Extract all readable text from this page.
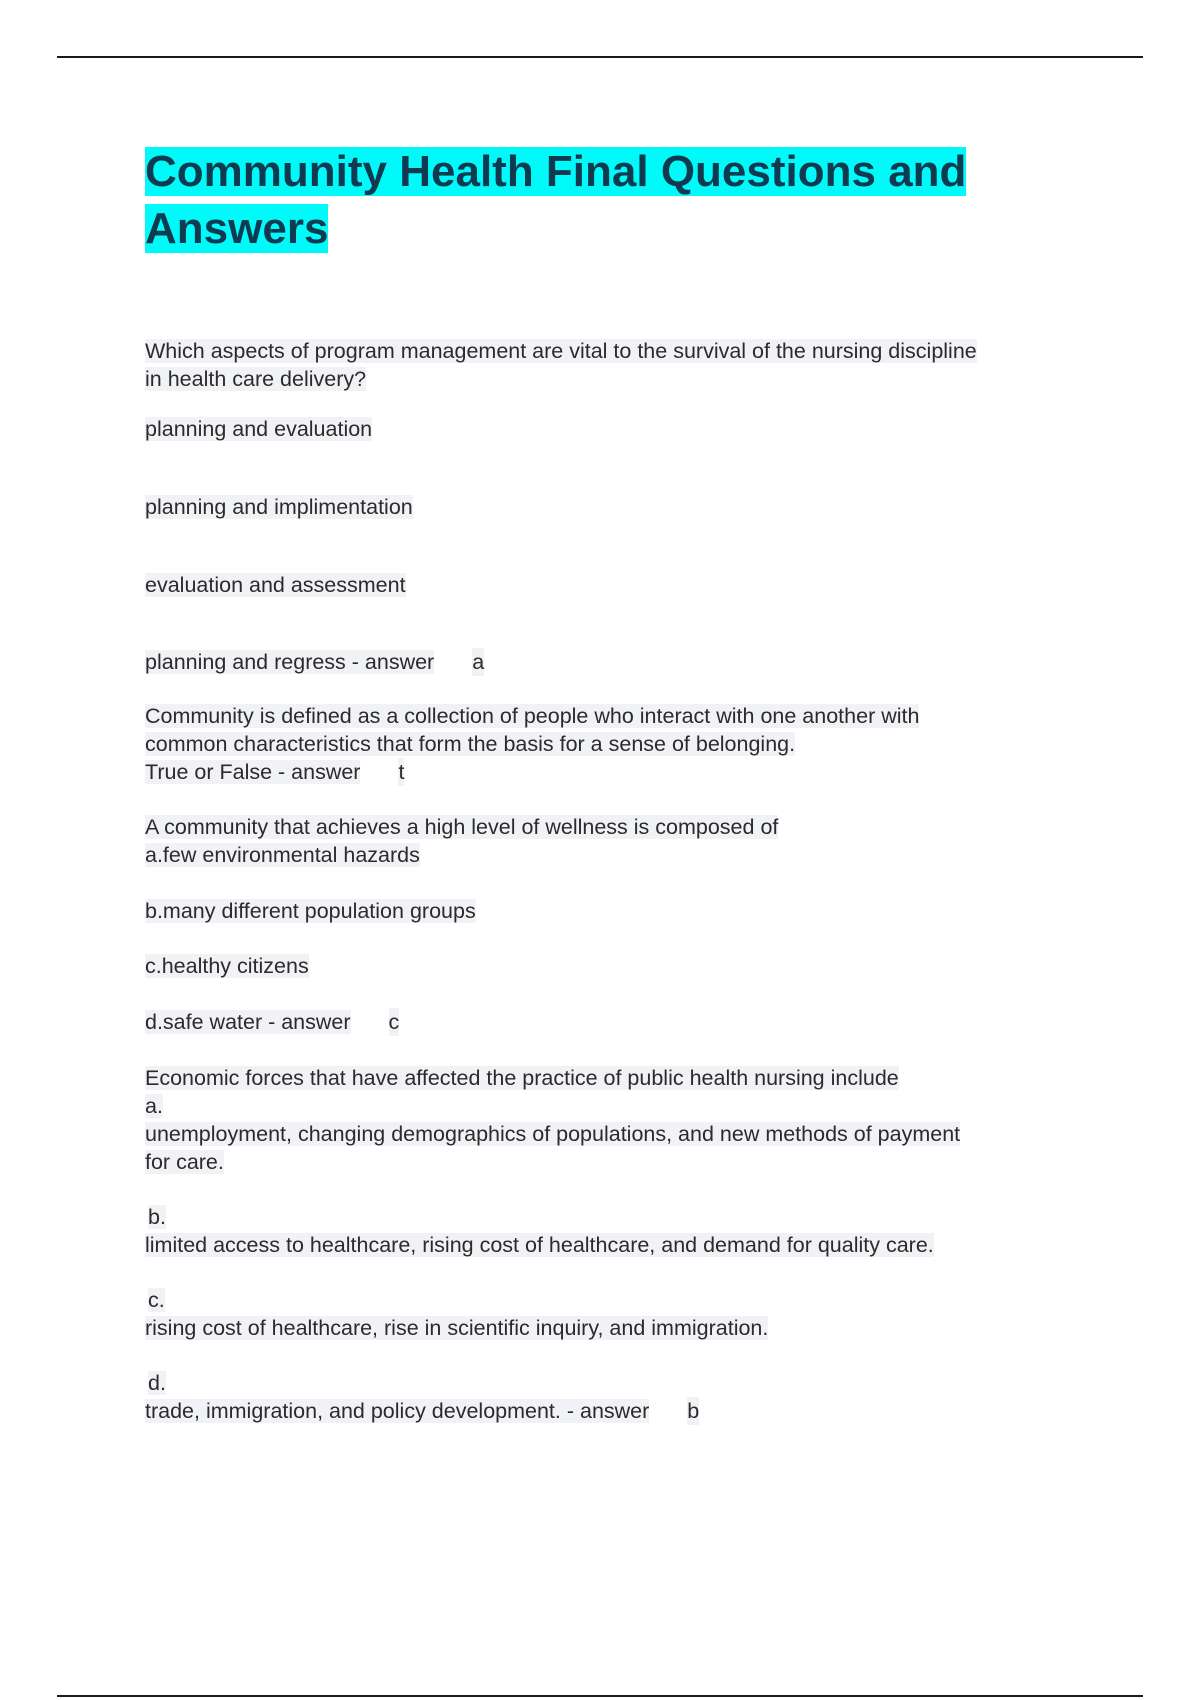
Community Health Final Questions and Answers
Which aspects of program management are vital to the survival of the nursing discipline
in health care delivery?
planning and evaluation
planning and implimentation
evaluation and assessment
planning and regress - answer a
Community is defined as a collection of people who interact with one another with
common characteristics that form the basis for a sense of belonging.
True or False - answer t
A community that achieves a high level of wellness is composed of
a.few environmental hazards
b.many different population groups
c.healthy citizens
d.safe water - answer c
Economic forces that have affected the practice of public health nursing include
a.
unemployment, changing demographics of populations, and new methods of payment
for care.
b.
limited access to healthcare, rising cost of healthcare, and demand for quality care.
c.
rising cost of healthcare, rise in scientific inquiry, and immigration.
d.
trade, immigration, and policy development. - answer b
